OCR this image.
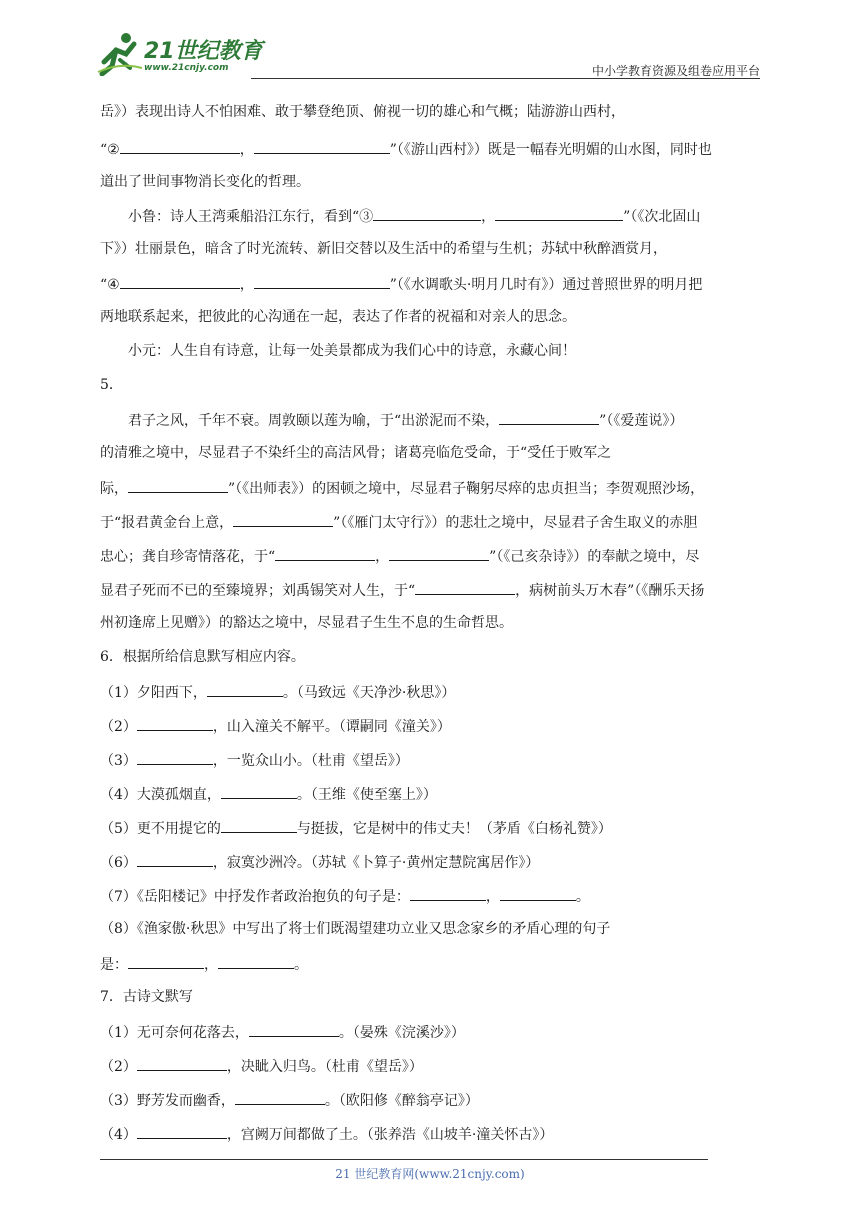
21世纪教育
www.21cnjy.com	中小学教育资源及组卷应用平台
岳》）表现出诗人不怕困难、敢于攀登绝顶、俯视一切的雄心和气概；陆游游山西村，
“②	，	”（《游山西村》）既是一幅春光明媚的山水图，同时也
道出了世间事物消长变化的哲理。
小鲁：诗人王湾乘船沿江东行，看到“③	，	”（《次北固山
下》）壮丽景色，暗含了时光流转、新旧交替以及生活中的希望与生机；苏轼中秋醉酒赏月，
“④	，	”（《水调歌头·明月几时有》）通过普照世界的明月把
两地联系起来，把彼此的心沟通在一起，表达了作者的祝福和对亲人的思念。
小元：人生自有诗意，让每一处美景都成为我们心中的诗意，永藏心间！
5．
君子之风，千年不衰。周敦颐以莲为喻，于“出淤泥而不染，	”（《爱莲说》）
的清雅之境中，尽显君子不染纤尘的高洁风骨；诸葛亮临危受命，于“受任于败军之
际，	”（《出师表》）的困顿之境中，尽显君子鞠躬尽瘁的忠贞担当；李贺观照沙场，
于“报君黄金台上意，	”（《雁门太守行》）的悲壮之境中，尽显君子舍生取义的赤胆
忠心；龚自珍寄情落花，于“	，	”（《己亥杂诗》）的奉献之境中，尽
显君子死而不已的至臻境界；刘禹锡笑对人生，于“	，病树前头万木春”（《酬乐天扬
州初逢席上见赠》）的豁达之境中，尽显君子生生不息的生命哲思。
6．根据所给信息默写相应内容。
（1）夕阳西下，	。（马致远《天净沙·秋思》）
（2）	，山入潼关不解平。（谭嗣同《潼关》）
（3）	，一览众山小。（杜甫《望岳》）
（4）大漠孤烟直，	。（王维《使至塞上》）
（5）更不用提它的	与挺拔，它是树中的伟丈夫！（茅盾《白杨礼赞》）
（6）	，寂寞沙洲冷。（苏轼《卜算子·黄州定慧院寓居作》）
（7）《岳阳楼记》中抒发作者政治抱负的句子是：	，	。
（8）《渔家傲·秋思》中写出了将士们既渴望建功立业又思念家乡的矛盾心理的句子
是：	，	。
7．古诗文默写
（1）无可奈何花落去，	。（晏殊《浣溪沙》）
（2）	，决眦入归鸟。（杜甫《望岳》）
（3）野芳发而幽香，	。（欧阳修《醉翁亭记》）
（4）	，宫阙万间都做了土。（张养浩《山坡羊·潼关怀古》）
21 世纪教育网(www.21cnjy.com)
